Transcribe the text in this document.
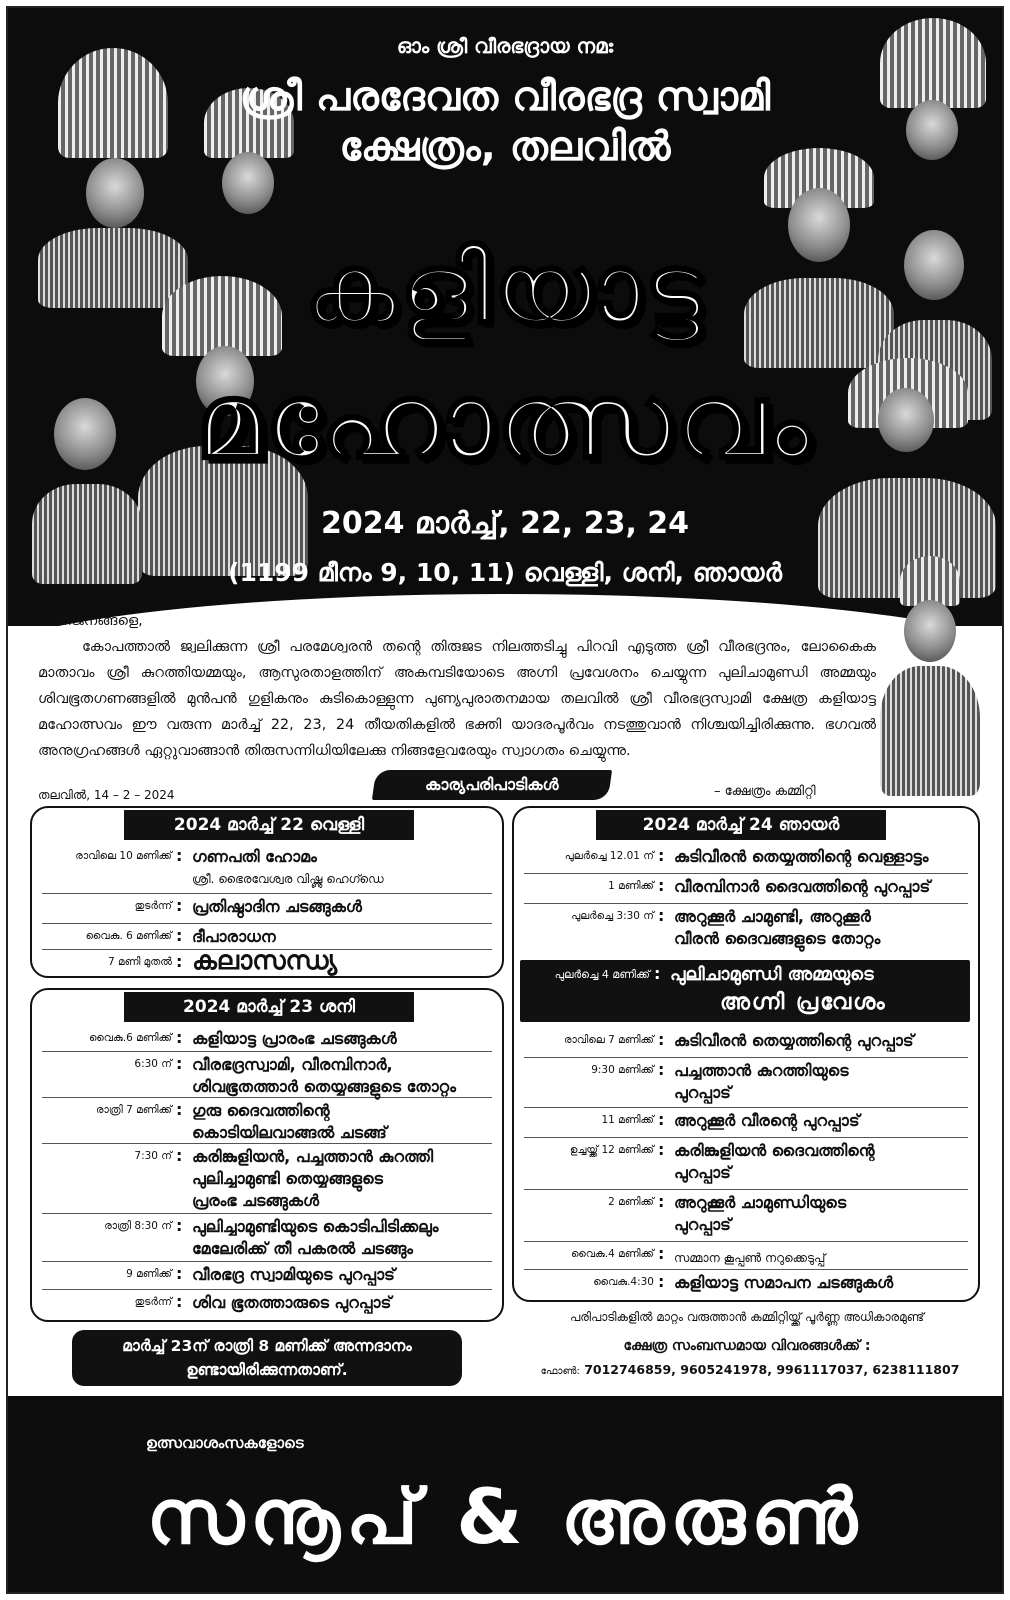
ഓം ശ്രീ വീരഭദ്രായ നമഃ
ശ്രീ പരദേവത വീരഭദ്ര സ്വാമി
ക്ഷേത്രം, തലവിൽ
കളിയാട്ട
മഹോത്സവം
2024 മാർച്ച്, 22, 23, 24
(1199 മീനം 9, 10, 11) വെള്ളി, ശനി, ഞായർ
ഭക്തജനങ്ങളെ,
കോപത്താൽ ജ്വലിക്കുന്ന ശ്രീ പരമേശ്വരൻ തന്റെ തിരുജട നിലത്തടിച്ചു പിറവി എടുത്ത ശ്രീ വീരഭദ്രനും, ലോകൈക മാതാവം ശ്രീ കുറത്തിയമ്മയും, ആസുരതാളത്തിന് അകമ്പടിയോടെ അഗ്നി പ്രവേശനം ചെയ്യുന്ന പുലിചാമുണ്ഡി അമ്മയും ശിവഭൂതഗണങ്ങളിൽ മുൻപൻ ഗുളികനും കുടികൊള്ളുന്ന പുണ്യപുരാതനമായ തലവിൽ ശ്രീ വീരഭദ്രസ്വാമി ക്ഷേത്ര കളിയാട്ട മഹോത്സവം ഈ വരുന്ന മാർച്ച് 22, 23, 24 തീയതികളിൽ ഭക്തി യാദരപൂർവം നടത്തുവാൻ നിശ്ചയിച്ചിരിക്കുന്നു. ഭഗവൽ അനുഗ്രഹങ്ങൾ ഏറ്റുവാങ്ങാൻ തിരുസന്നിധിയിലേക്കു നിങ്ങളേവരേയും സ്വാഗതം ചെയ്യുന്നു.
തലവിൽ, 14 – 2 – 2024
കാര്യപരിപാടികൾ	– ക്ഷേത്രം കമ്മിറ്റി
2024 മാർച്ച് 22 വെള്ളി
രാവിലെ 10 മണിക്ക് : ഗണപതി ഹോമം
ശ്രീ. ഭൈരവേശ്വര വിഷ്ണു ഹെഗ്ഡെ
തുടർന്ന് : പ്രതിഷ്ഠാദിന ചടങ്ങുകൾ
വൈകു. 6 മണിക്ക് : ദീപാരാധന
7 മണി മുതൽ : കലാസന്ധ്യ
2024 മാർച്ച് 23 ശനി
വൈകു.6 മണിക്ക് : കളിയാട്ട പ്രാരംഭ ചടങ്ങുകൾ
6:30 ന് : വീരഭദ്രസ്വാമി, വീരമ്പിനാർ,
ശിവഭൂതത്താർ തെയ്യങ്ങളുടെ തോറ്റം
രാത്രി 7 മണിക്ക് : ഗുരു ദൈവത്തിന്റെ
കൊടിയിലവാങ്ങൽ ചടങ്ങ്
7:30 ന് : കരിങ്കുളിയൻ, പച്ചത്താൻ കുറത്തി
പുലിച്ചാമുണ്ടി തെയ്യങ്ങളുടെ
പ്രരംഭ ചടങ്ങുകൾ
രാത്രി 8:30 ന് : പുലിച്ചാമുണ്ടിയുടെ കൊടിപിടിക്കലും
മേലേരിക്ക് തീ പകരൽ ചടങ്ങും
9 മണിക്ക് : വീരഭദ്ര സ്വാമിയുടെ പുറപ്പാട്
തുടർന്ന് : ശിവ ഭൂതത്താരുടെ പുറപ്പാട്
2024 മാർച്ച് 24 ഞായർ
പുലർച്ചെ 12.01 ന് : കുടിവീരൻ തെയ്യത്തിന്റെ വെള്ളാട്ടം
1 മണിക്ക് : വീരമ്പിനാർ ദൈവത്തിന്റെ പുറപ്പാട്
പുലർച്ചെ 3:30 ന് : അറുക്കൂർ ചാമുണ്ടി, അറുക്കൂർ
വീരൻ ദൈവങ്ങളുടെ തോറ്റം
രാവിലെ 7 മണിക്ക് : കുടിവീരൻ തെയ്യത്തിന്റെ പുറപ്പാട്
9:30 മണിക്ക് : പച്ചത്താൻ കുറത്തിയുടെ
പുറപ്പാട്
11 മണിക്ക് : അറുക്കൂർ വീരന്റെ പുറപ്പാട്
ഉച്ചയ്ക്ക് 12 മണിക്ക് : കരിങ്കുളിയൻ ദൈവത്തിന്റെ
പുറപ്പാട്
2 മണിക്ക് : അറുക്കൂർ ചാമുണ്ഡിയുടെ
പുറപ്പാട്
വൈകു.4 മണിക്ക് : സമ്മാന കൂപ്പൺ നറുക്കെടുപ്പ്
വൈകു.4:30 : കളിയാട്ട സമാപന ചടങ്ങുകൾ
പുലർച്ചെ 4 മണിക്ക് : പുലിചാമുണ്ഡി അമ്മയുടെ
അഗ്നി പ്രവേശം
മാർച്ച് 23ന് രാത്രി 8 മണിക്ക് അന്നദാനം
ഉണ്ടായിരിക്കുന്നതാണ്.
പരിപാടികളിൽ മാറ്റം വരുത്താൻ കമ്മിറ്റിയ്ക്ക് പൂർണ്ണ അധികാരമുണ്ട്
ക്ഷേത്ര സംബന്ധമായ വിവരങ്ങൾക്ക് :
ഫോൺ: 7012746859, 9605241978, 9961117037, 6238111807
ഉത്സവാശംസകളോടെ
സനൂപ് & അരുൺ
